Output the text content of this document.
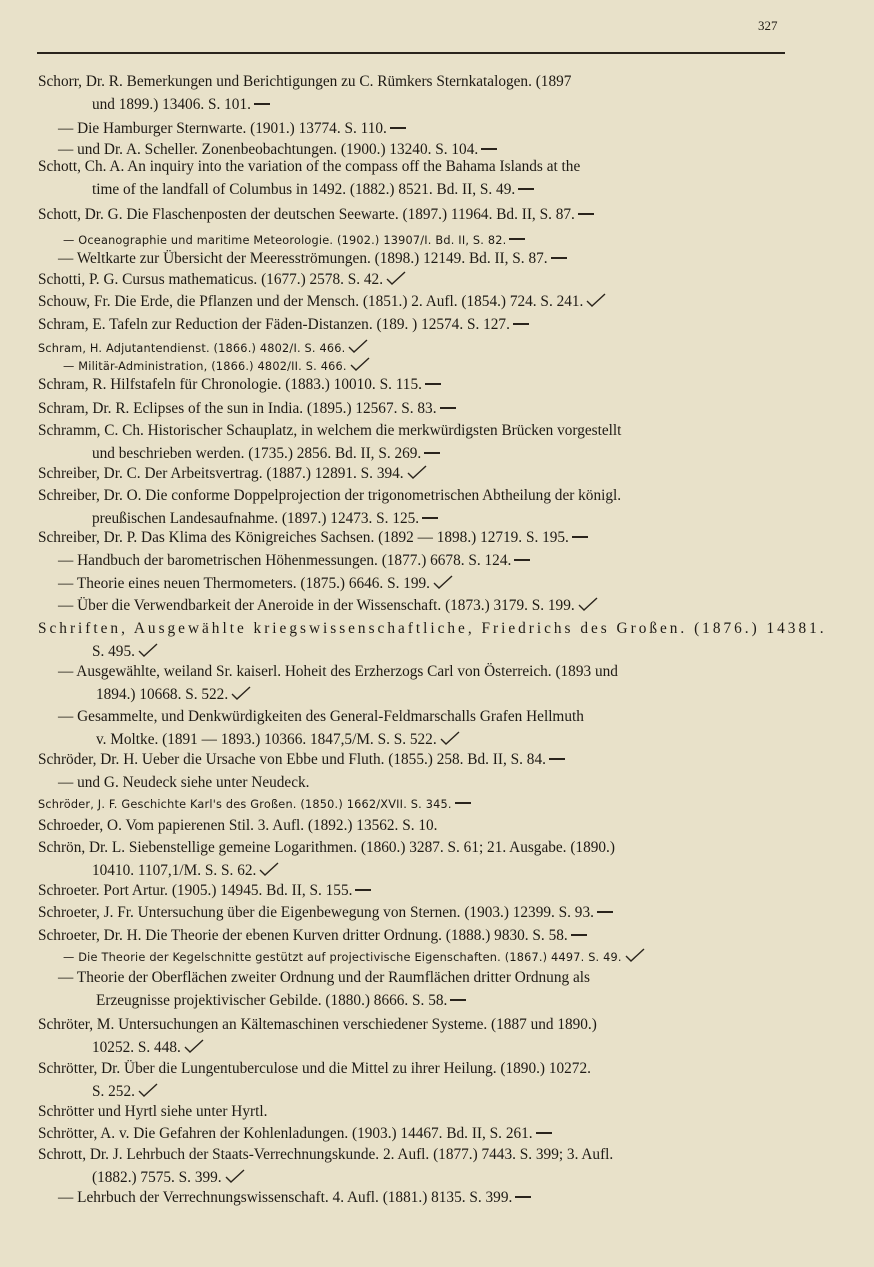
327
Schorr, Dr. R. Bemerkungen und Berichtigungen zu C. Rümkers Sternkatalogen. (1897
und 1899.) 13406. S. 101.
— Die Hamburger Sternwarte. (1901.) 13774. S. 110.
— und Dr. A. Scheller. Zonenbeobachtungen. (1900.) 13240. S. 104.
Schott, Ch. A. An inquiry into the variation of the compass off the Bahama Islands at the
time of the landfall of Columbus in 1492. (1882.) 8521. Bd. II, S. 49.
Schott, Dr. G. Die Flaschenposten der deutschen Seewarte. (1897.) 11964. Bd. II, S. 87.
— Oceanographie und maritime Meteorologie. (1902.) 13907/I. Bd. II, S. 82.
— Weltkarte zur Übersicht der Meeresströmungen. (1898.) 12149. Bd. II, S. 87.
Schotti, P. G. Cursus mathematicus. (1677.) 2578. S. 42.
Schouw, Fr. Die Erde, die Pflanzen und der Mensch. (1851.) 2. Aufl. (1854.) 724. S. 241.
Schram, E. Tafeln zur Reduction der Fäden-Distanzen. (189. ) 12574. S. 127.
Schram, H. Adjutantendienst. (1866.) 4802/I. S. 466.
— Militär-Administration, (1866.) 4802/II. S. 466.
Schram, R. Hilfstafeln für Chronologie. (1883.) 10010. S. 115.
Schram, Dr. R. Eclipses of the sun in India. (1895.) 12567. S. 83.
Schramm, C. Ch. Historischer Schauplatz, in welchem die merkwürdigsten Brücken vorgestellt
und beschrieben werden. (1735.) 2856. Bd. II, S. 269.
Schreiber, Dr. C. Der Arbeitsvertrag. (1887.) 12891. S. 394.
Schreiber, Dr. O. Die conforme Doppelprojection der trigonometrischen Abtheilung der königl.
preußischen Landesaufnahme. (1897.) 12473. S. 125.
Schreiber, Dr. P. Das Klima des Königreiches Sachsen. (1892 — 1898.) 12719. S. 195.
— Handbuch der barometrischen Höhenmessungen. (1877.) 6678. S. 124.
— Theorie eines neuen Thermometers. (1875.) 6646. S. 199.
— Über die Verwendbarkeit der Aneroide in der Wissenschaft. (1873.) 3179. S. 199.
Schriften, Ausgewählte kriegswissenschaftliche, Friedrichs des Großen. (1876.) 14381.
S. 495.
— Ausgewählte, weiland Sr. kaiserl. Hoheit des Erzherzogs Carl von Österreich. (1893 und
1894.) 10668. S. 522.
— Gesammelte, und Denkwürdigkeiten des General-Feldmarschalls Grafen Hellmuth
v. Moltke. (1891 — 1893.) 10366. 1847,5/M. S. S. 522.
Schröder, Dr. H. Ueber die Ursache von Ebbe und Fluth. (1855.) 258. Bd. II, S. 84.
— und G. Neudeck siehe unter Neudeck.
Schröder, J. F. Geschichte Karl's des Großen. (1850.) 1662/XVII. S. 345.
Schroeder, O. Vom papierenen Stil. 3. Aufl. (1892.) 13562. S. 10.
Schrön, Dr. L. Siebenstellige gemeine Logarithmen. (1860.) 3287. S. 61; 21. Ausgabe. (1890.)
10410. 1107,1/M. S. S. 62.
Schroeter. Port Artur. (1905.) 14945. Bd. II, S. 155.
Schroeter, J. Fr. Untersuchung über die Eigenbewegung von Sternen. (1903.) 12399. S. 93.
Schroeter, Dr. H. Die Theorie der ebenen Kurven dritter Ordnung. (1888.) 9830. S. 58.
— Die Theorie der Kegelschnitte gestützt auf projectivische Eigenschaften. (1867.) 4497. S. 49.
— Theorie der Oberflächen zweiter Ordnung und der Raumflächen dritter Ordnung als
Erzeugnisse projektivischer Gebilde. (1880.) 8666. S. 58.
Schröter, M. Untersuchungen an Kältemaschinen verschiedener Systeme. (1887 und 1890.)
10252. S. 448.
Schrötter, Dr. Über die Lungentuberculose und die Mittel zu ihrer Heilung. (1890.) 10272.
S. 252.
Schrötter und Hyrtl siehe unter Hyrtl.
Schrötter, A. v. Die Gefahren der Kohlenladungen. (1903.) 14467. Bd. II, S. 261.
Schrott, Dr. J. Lehrbuch der Staats-Verrechnungskunde. 2. Aufl. (1877.) 7443. S. 399; 3. Aufl.
(1882.) 7575. S. 399.
— Lehrbuch der Verrechnungswissenschaft. 4. Aufl. (1881.) 8135. S. 399.
